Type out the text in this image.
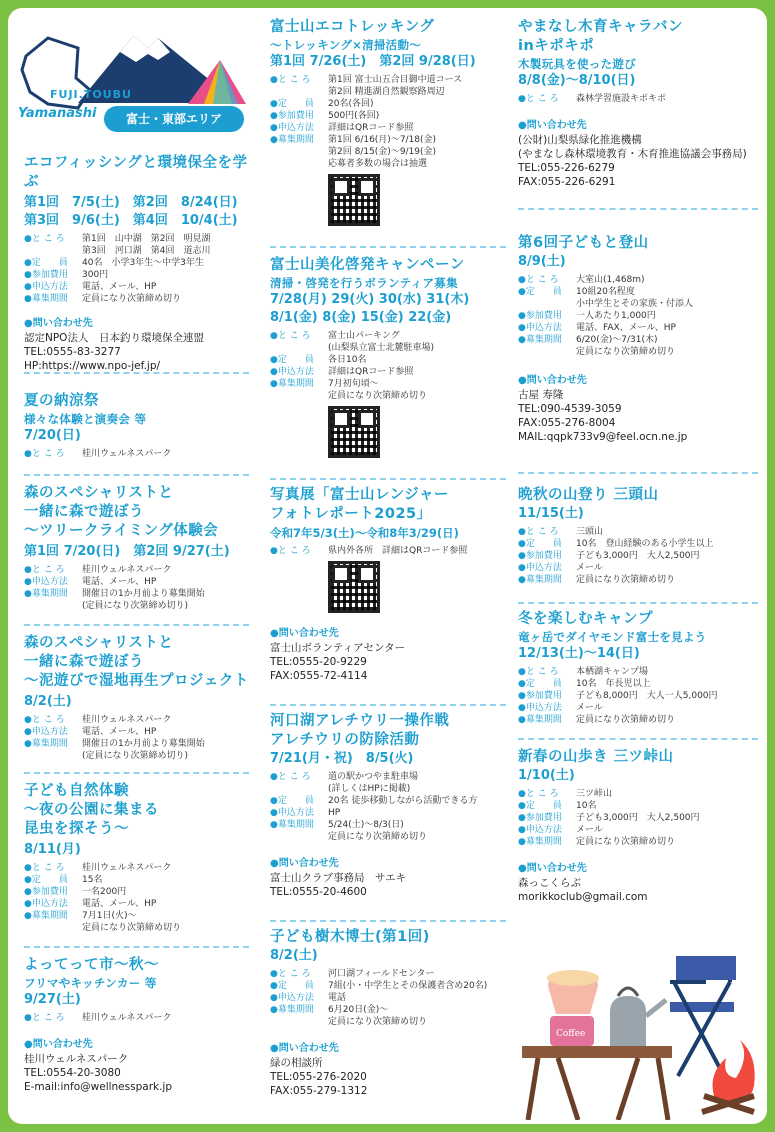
FUJI.TOUBU
Yamanashi	富士・東部エリア
エコフィッシングと環境保全を学ぶ
第1回　7/5(土)　第2回　8/24(日)
第3回　9/6(土)　第4回　10/4(土)
●と こ ろ	第1回　山中湖　第2回　明見湖
第3回　河口湖　第4回　道志川
●定　　員	40名　小学3年生〜中学3年生
●参加費用	300円
●申込方法	電話、メール、HP
●募集期間	定員になり次第締め切り
●問い合わせ先
認定NPO法人　日本釣り環境保全連盟
TEL:0555-83-3277
HP:https://www.npo-jef.jp/
夏の納涼祭
様々な体験と演奏会 等
7/20(日)
●と こ ろ	桂川ウェルネスパーク
森のスペシャリストと
一緒に森で遊ぼう
〜ツリークライミング体験会
第1回 7/20(日)　第2回 9/27(土)
●と こ ろ	桂川ウェルネスパーク
●申込方法	電話、メール、HP
●募集期間	開催日の1か月前より募集開始
(定員になり次第締め切り)
森のスペシャリストと
一緒に森で遊ぼう
〜泥遊びで湿地再生プロジェクト
8/2(土)
●と こ ろ	桂川ウェルネスパーク
●申込方法	電話、メール、HP
●募集期間	開催日の1か月前より募集開始
(定員になり次第締め切り)
子ども自然体験
〜夜の公園に集まる
昆虫を探そう〜
8/11(月)
●と こ ろ	桂川ウェルネスパーク
●定　　員	15名
●参加費用	一名200円
●申込方法	電話、メール、HP
●募集期間	7月1日(火)〜
定員になり次第締め切り
よってって市〜秋〜
フリマやキッチンカー 等
9/27(土)
●と こ ろ	桂川ウェルネスパーク
●問い合わせ先
桂川ウェルネスパーク
TEL:0554-20-3080
E-mail:info@wellnesspark.jp
富士山エコトレッキング
〜トレッキング×清掃活動〜
第1回 7/26(土)　第2回 9/28(日)
●と こ ろ	第1回 富士山五合目御中道コース
第2回 精進湖自然観察路周辺
●定　　員	20名(各回)
●参加費用	500円(各回)
●申込方法	詳細はQRコード参照
●募集期間	第1回 6/16(月)〜7/18(金)
第2回 8/15(金)〜9/19(金)
応募者多数の場合は抽選
富士山美化啓発キャンペーン
清掃・啓発を行うボランティア募集
7/28(月) 29(火) 30(水) 31(木)
8/1(金) 8(金) 15(金) 22(金)
●と こ ろ	富士山パーキング
(山梨県立富士北麓駐車場)
●定　　員	各日10名
●申込方法	詳細はQRコード参照
●募集期間	7月初旬頃〜
定員になり次第締め切り
写真展「富士山レンジャー
フォトレポート2025」
令和7年5/3(土)〜令和8年3/29(日)
●と こ ろ	県内外各所　詳細はQRコード参照
●問い合わせ先
富士山ボランティアセンター
TEL:0555-20-9229
FAX:0555-72-4114
河口湖アレチウリ一操作戦
アレチウリの防除活動
7/21(月・祝)　8/5(火)
●と こ ろ	道の駅かつやま駐車場
(詳しくはHPに掲載)
●定　　員	20名 徒歩移動しながら活動できる方
●申込方法	HP
●募集期間	5/24(土)〜8/3(日)
定員になり次第締め切り
●問い合わせ先
富士山クラブ事務局　サエキ
TEL:0555-20-4600
子ども樹木博士(第1回)
8/2(土)
●と こ ろ	河口湖フィールドセンター
●定　　員	7組(小・中学生とその保護者含め20名)
●申込方法	電話
●募集期間	6月20日(金)〜
定員になり次第締め切り
●問い合わせ先
緑の相談所
TEL:055-276-2020
FAX:055-279-1312
やまなし木育キャラバン
inキポキポ
木製玩具を使った遊び
8/8(金)〜8/10(日)
●と こ ろ	森林学習施設キポキポ
●問い合わせ先
(公財)山梨県緑化推進機構
(やまなし森林環境教育・木育推進協議会事務局)
TEL:055-226-6279
FAX:055-226-6291
第6回子どもと登山
8/9(土)
●と こ ろ	大室山(1,468m)
●定　　員	10組20名程度
小中学生とその家族・付添人
●参加費用	一人あたり1,000円
●申込方法	電話、FAX、メール、HP
●募集期間	6/20(金)〜7/31(木)
定員になり次第締め切り
●問い合わせ先
古屋 寿隆
TEL:090-4539-3059
FAX:055-276-8004
MAIL:qqpk733v9@feel.ocn.ne.jp
晩秋の山登り 三頭山
11/15(土)
●と こ ろ	三頭山
●定　　員	10名　登山経験のある小学生以上
●参加費用	子ども3,000円　大人2,500円
●申込方法	メール
●募集期間	定員になり次第締め切り
冬を楽しむキャンプ
竜ヶ岳でダイヤモンド富士を見よう
12/13(土)〜14(日)
●と こ ろ	本栖湖キャンプ場
●定　　員	10名　年長児以上
●参加費用	子ども8,000円　大人一人5,000円
●申込方法	メール
●募集期間	定員になり次第締め切り
新春の山歩き 三ツ峠山
1/10(土)
●と こ ろ	三ツ峠山
●定　　員	10名
●参加費用	子ども3,000円　大人2,500円
●申込方法	メール
●募集期間	定員になり次第締め切り
●問い合わせ先
森っこくらぶ
morikkoclub@gmail.com
Coffee
